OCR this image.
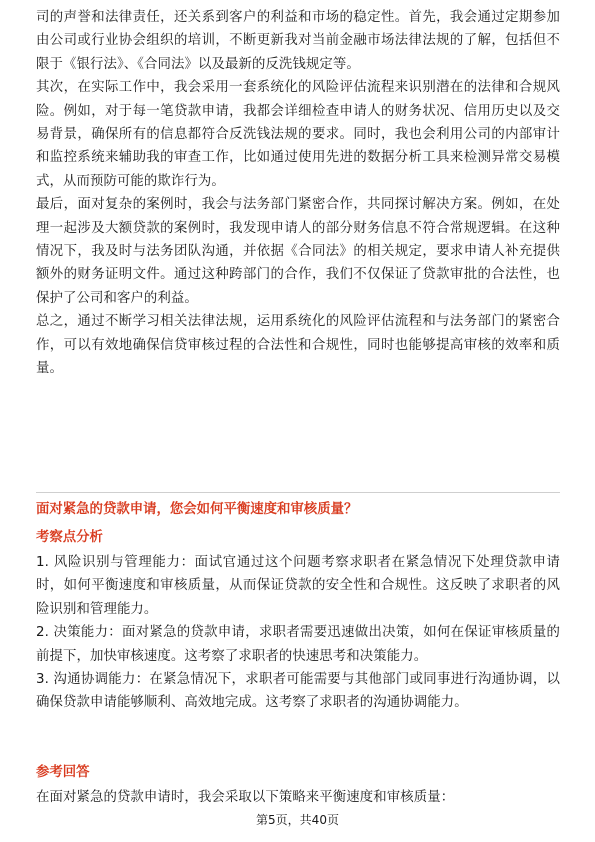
司的声誉和法律责任，还关系到客户的利益和市场的稳定性。首先，我会通过定期参加由公司或行业协会组织的培训，不断更新我对当前金融市场法律法规的了解，包括但不限于《银行法》、《合同法》以及最新的反洗钱规定等。

其次，在实际工作中，我会采用一套系统化的风险评估流程来识别潜在的法律和合规风险。例如，对于每一笔贷款申请，我都会详细检查申请人的财务状况、信用历史以及交易背景，确保所有的信息都符合反洗钱法规的要求。同时，我也会利用公司的内部审计和监控系统来辅助我的审查工作，比如通过使用先进的数据分析工具来检测异常交易模式，从而预防可能的欺诈行为。

最后，面对复杂的案例时，我会与法务部门紧密合作，共同探讨解决方案。例如，在处理一起涉及大额贷款的案例时，我发现申请人的部分财务信息不符合常规逻辑。在这种情况下，我及时与法务团队沟通，并依据《合同法》的相关规定，要求申请人补充提供额外的财务证明文件。通过这种跨部门的合作，我们不仅保证了贷款审批的合法性，也保护了公司和客户的利益。

总之，通过不断学习相关法律法规，运用系统化的风险评估流程和与法务部门的紧密合作，可以有效地确保信贷审核过程的合法性和合规性，同时也能够提高审核的效率和质量。

面对紧急的贷款申请，您会如何平衡速度和审核质量？
考察点分析

1. 风险识别与管理能力：面试官通过这个问题考察求职者在紧急情况下处理贷款申请时，如何平衡速度和审核质量，从而保证贷款的安全性和合规性。这反映了求职者的风险识别和管理能力。

2. 决策能力：面对紧急的贷款申请，求职者需要迅速做出决策，如何在保证审核质量的前提下，加快审核速度。这考察了求职者的快速思考和决策能力。

3. 沟通协调能力：在紧急情况下，求职者可能需要与其他部门或同事进行沟通协调，以确保贷款申请能够顺利、高效地完成。这考察了求职者的沟通协调能力。

参考回答

在面对紧急的贷款申请时，我会采取以下策略来平衡速度和审核质量：

第5页，共40页
